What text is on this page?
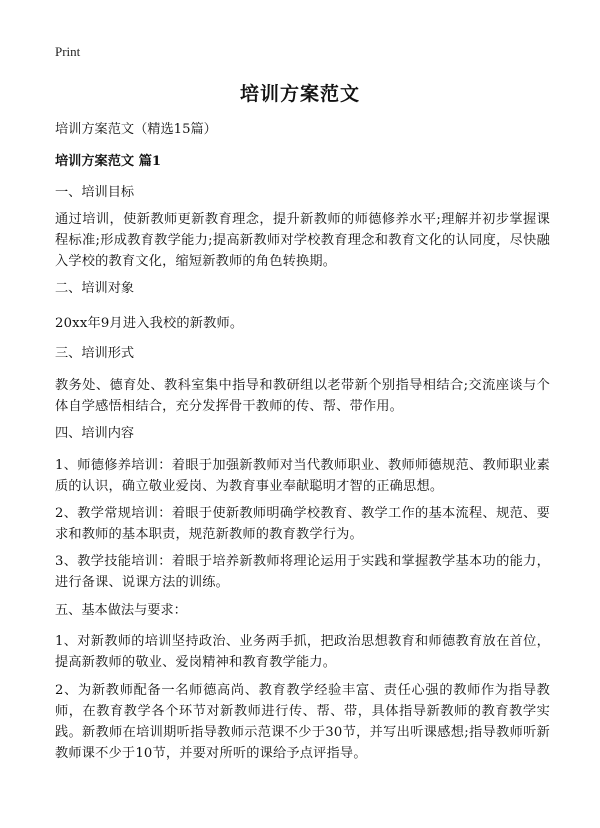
Print
培训方案范文
培训方案范文（精选15篇）
培训方案范文 篇1
一、培训目标
通过培训，使新教师更新教育理念，提升新教师的师德修养水平;理解并初步掌握课程标准;形成教育教学能力;提高新教师对学校教育理念和教育文化的认同度，尽快融入学校的教育文化，缩短新教师的角色转换期。
二、培训对象
20xx年9月进入我校的新教师。
三、培训形式
教务处、德育处、教科室集中指导和教研组以老带新个别指导相结合;交流座谈与个体自学感悟相结合，充分发挥骨干教师的传、帮、带作用。
四、培训内容
1、师德修养培训：着眼于加强新教师对当代教师职业、教师师德规范、教师职业素质的认识，确立敬业爱岗、为教育事业奉献聪明才智的正确思想。
2、教学常规培训：着眼于使新教师明确学校教育、教学工作的基本流程、规范、要求和教师的基本职责，规范新教师的教育教学行为。
3、教学技能培训：着眼于培养新教师将理论运用于实践和掌握教学基本功的能力，进行备课、说课方法的训练。
五、基本做法与要求：
1、对新教师的培训坚持政治、业务两手抓，把政治思想教育和师德教育放在首位，提高新教师的敬业、爱岗精神和教育教学能力。
2、为新教师配备一名师德高尚、教育教学经验丰富、责任心强的教师作为指导教师，在教育教学各个环节对新教师进行传、帮、带，具体指导新教师的教育教学实践。新教师在培训期听指导教师示范课不少于30节，并写出听课感想;指导教师听新教师课不少于10节，并要对所听的课给予点评指导。
